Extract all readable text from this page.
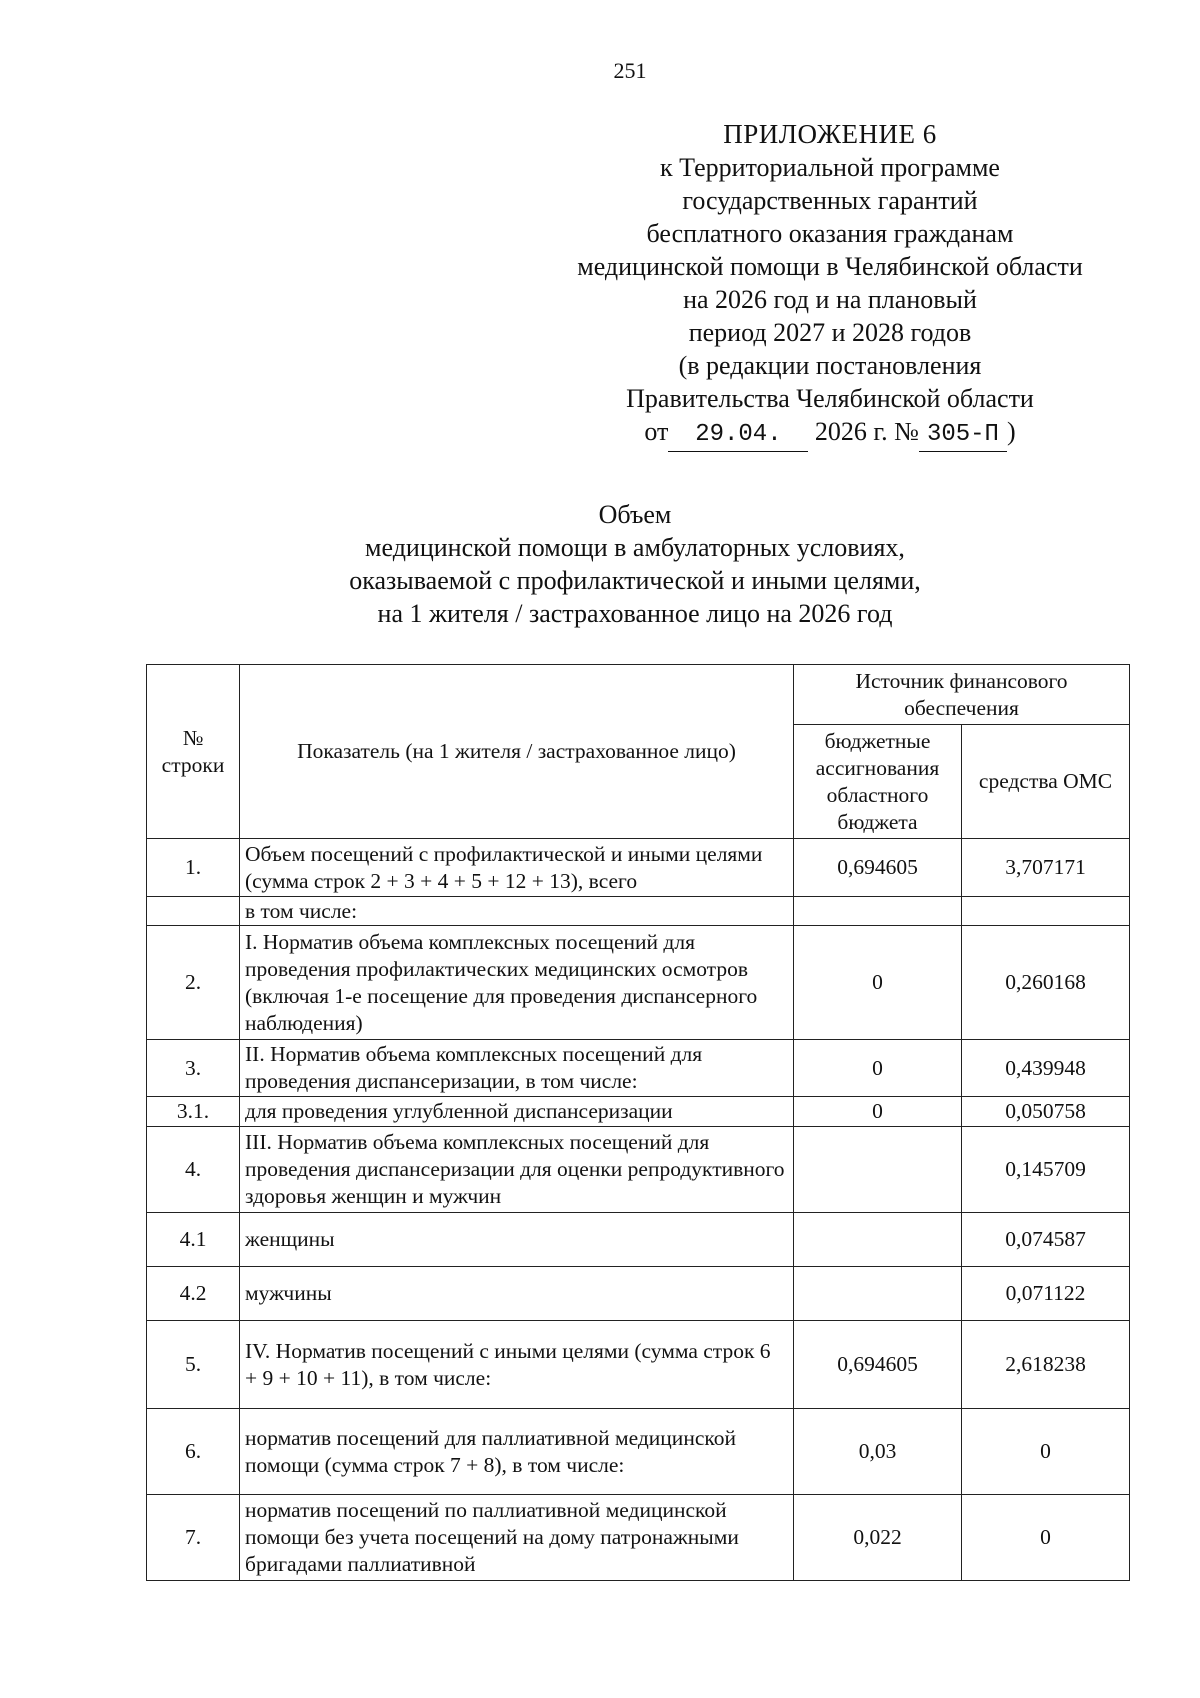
251
ПРИЛОЖЕНИЕ 6
к Территориальной программе
государственных гарантий
бесплатного оказания гражданам
медицинской помощи в Челябинской области
на 2026 год и на плановый
период 2027 и 2028 годов
(в редакции постановления
Правительства Челябинской области
от 29.04. 2026 г. № 305-П )
Объем
медицинской помощи в амбулаторных условиях,
оказываемой с профилактической и иными целями,
на 1 жителя / застрахованное лицо на 2026 год
№ строки	Показатель (на 1 жителя / застрахованное лицо)	Источник финансового обеспечения	
		бюджетные ассигнования областного бюджета	средства ОМС
1.	Объем посещений с профилактической и иными целями (сумма строк 2 + 3 + 4 + 5 + 12 + 13), всего	0,694605	3,707171
	в том числе:		
2.	I. Норматив объема комплексных посещений для проведения профилактических медицинских осмотров (включая 1-е посещение для проведения диспансерного наблюдения)	0	0,260168
3.	II. Норматив объема комплексных посещений для проведения диспансеризации, в том числе:	0	0,439948
3.1.	для проведения углубленной диспансеризации	0	0,050758
4.	III. Норматив объема комплексных посещений для проведения диспансеризации для оценки репродуктивного здоровья женщин и мужчин		0,145709
4.1	женщины		0,074587
4.2	мужчины		0,071122
5.	IV. Норматив посещений с иными целями (сумма строк 6 + 9 + 10 + 11), в том числе:	0,694605	2,618238
6.	норматив посещений для паллиативной медицинской помощи (сумма строк 7 + 8), в том числе:	0,03	0
7.	норматив посещений по паллиативной медицинской помощи без учета посещений на дому патронажными бригадами паллиативной	0,022	0
